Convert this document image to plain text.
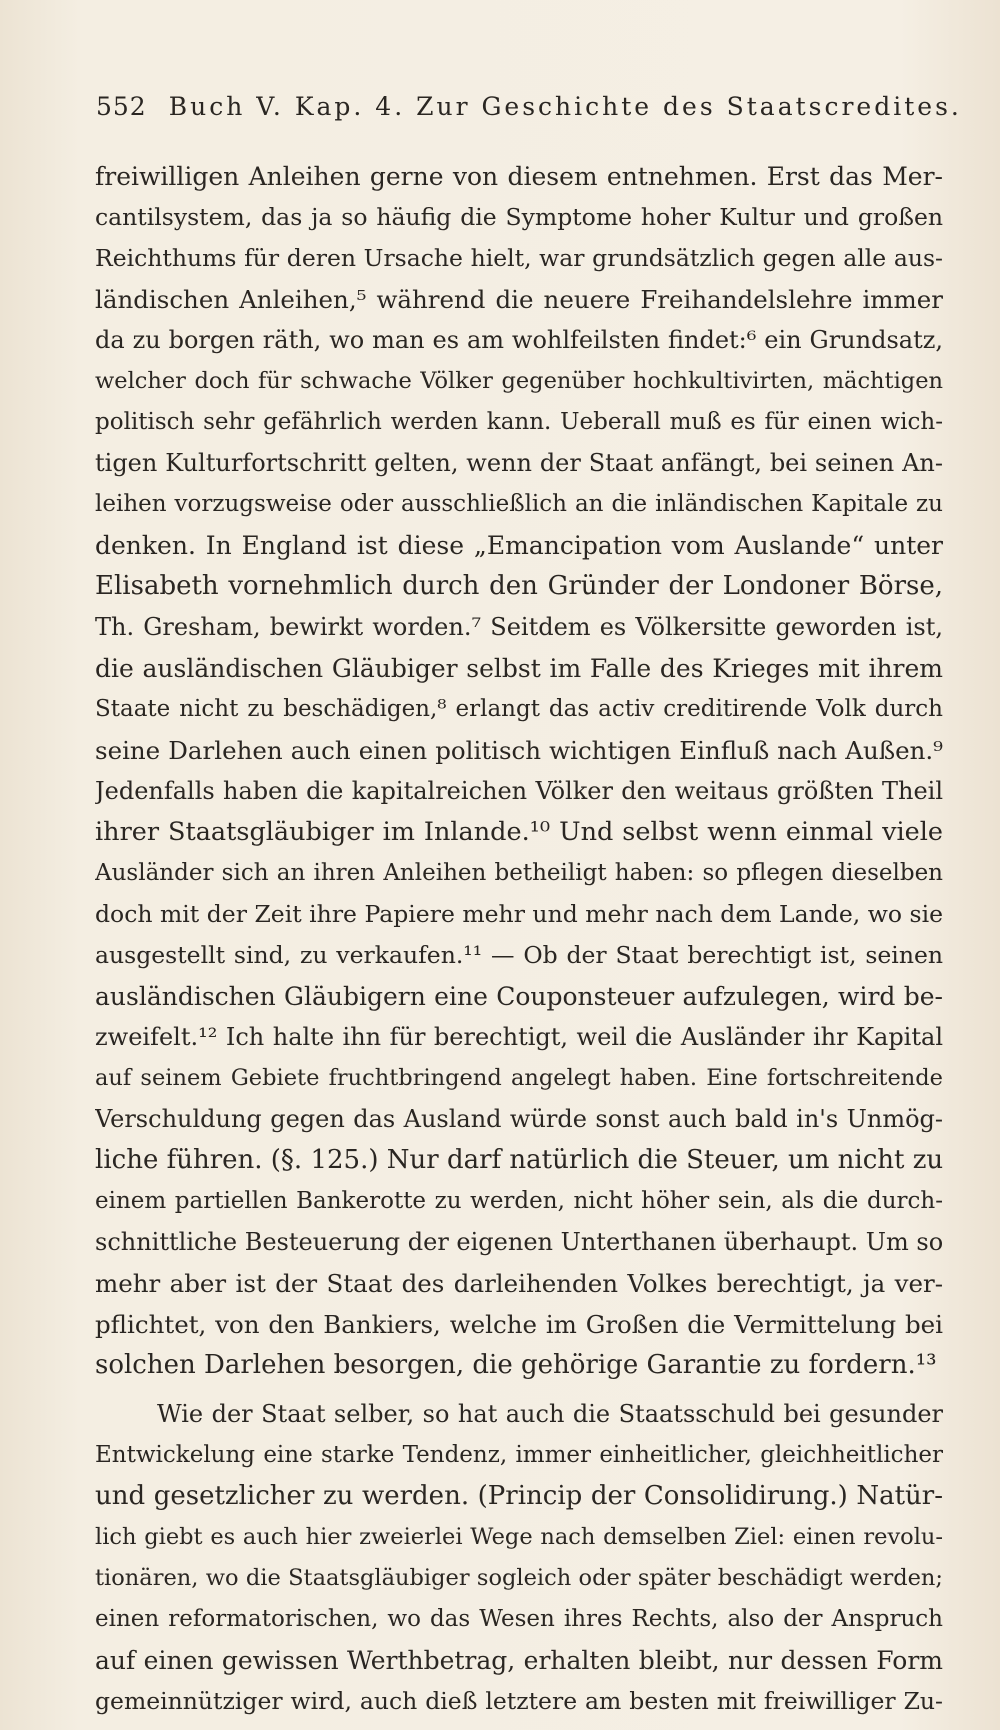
552 Buch V. Kap. 4. Zur Geschichte des Staatscredites.
freiwilligen Anleihen gerne von diesem entnehmen. Erst das Mer-
cantilsystem, das ja so häufig die Symptome hoher Kultur und großen
Reichthums für deren Ursache hielt, war grundsätzlich gegen alle aus-
ländischen Anleihen,⁵ während die neuere Freihandelslehre immer
da zu borgen räth, wo man es am wohlfeilsten findet:⁶ ein Grundsatz,
welcher doch für schwache Völker gegenüber hochkultivirten, mächtigen
politisch sehr gefährlich werden kann. Ueberall muß es für einen wich-
tigen Kulturfortschritt gelten, wenn der Staat anfängt, bei seinen An-
leihen vorzugsweise oder ausschließlich an die inländischen Kapitale zu
denken. In England ist diese „Emancipation vom Auslande“ unter
Elisabeth vornehmlich durch den Gründer der Londoner Börse,
Th. Gresham, bewirkt worden.⁷ Seitdem es Völkersitte geworden ist,
die ausländischen Gläubiger selbst im Falle des Krieges mit ihrem
Staate nicht zu beschädigen,⁸ erlangt das activ creditirende Volk durch
seine Darlehen auch einen politisch wichtigen Einfluß nach Außen.⁹
Jedenfalls haben die kapitalreichen Völker den weitaus größten Theil
ihrer Staatsgläubiger im Inlande.¹⁰ Und selbst wenn einmal viele
Ausländer sich an ihren Anleihen betheiligt haben: so pflegen dieselben
doch mit der Zeit ihre Papiere mehr und mehr nach dem Lande, wo sie
ausgestellt sind, zu verkaufen.¹¹ — Ob der Staat berechtigt ist, seinen
ausländischen Gläubigern eine Couponsteuer aufzulegen, wird be-
zweifelt.¹² Ich halte ihn für berechtigt, weil die Ausländer ihr Kapital
auf seinem Gebiete fruchtbringend angelegt haben. Eine fortschreitende
Verschuldung gegen das Ausland würde sonst auch bald in's Unmög-
liche führen. (§. 125.) Nur darf natürlich die Steuer, um nicht zu
einem partiellen Bankerotte zu werden, nicht höher sein, als die durch-
schnittliche Besteuerung der eigenen Unterthanen überhaupt. Um so
mehr aber ist der Staat des darleihenden Volkes berechtigt, ja ver-
pflichtet, von den Bankiers, welche im Großen die Vermittelung bei
solchen Darlehen besorgen, die gehörige Garantie zu fordern.¹³
Wie der Staat selber, so hat auch die Staatsschuld bei gesunder
Entwickelung eine starke Tendenz, immer einheitlicher, gleichheitlicher
und gesetzlicher zu werden. (Princip der Consolidirung.) Natür-
lich giebt es auch hier zweierlei Wege nach demselben Ziel: einen revolu-
tionären, wo die Staatsgläubiger sogleich oder später beschädigt werden;
einen reformatorischen, wo das Wesen ihres Rechts, also der Anspruch
auf einen gewissen Werthbetrag, erhalten bleibt, nur dessen Form
gemeinnütziger wird, auch dieß letztere am besten mit freiwilliger Zu-
